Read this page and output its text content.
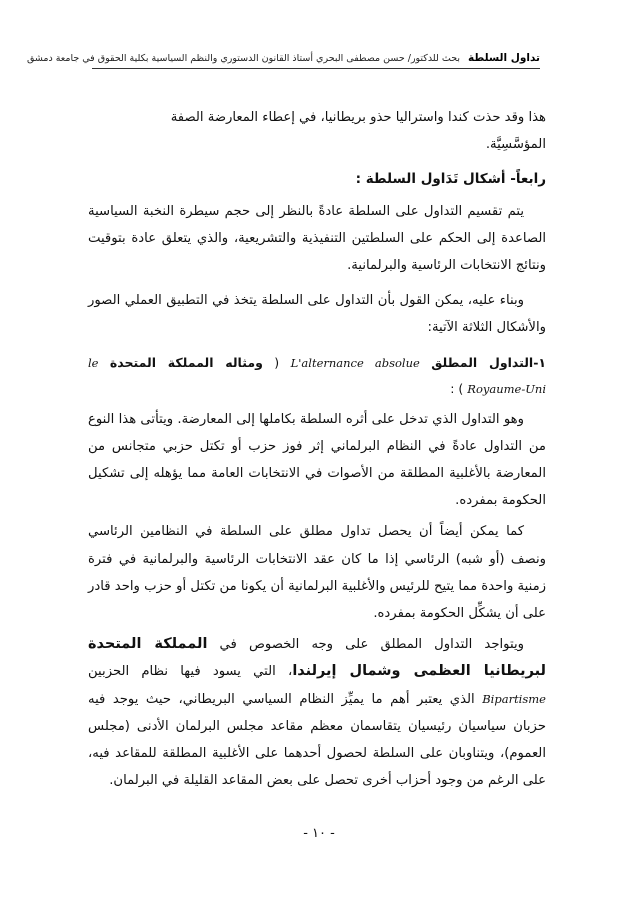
تداول السلطة
بحث للدكتور/ حسن مصطفى البحري أستاذ القانون الدستوري والنظم السياسية بكلية الحقوق في جامعة دمشق

هذا وقد حذت كندا واستراليا حذو بريطانيا، في إعطاء المعارضة الصفة
المؤسَّسِيَّة.

رابعاً- أشكال تَدَاول السلطة :

يتم تقسيم التداول على السلطة عادةً بالنظر إلى حجم سيطرة النخبة السياسية الصاعدة إلى الحكم على السلطتين التنفيذية والتشريعية، والذي يتعلق عادة بتوقيت ونتائج الانتخابات الرئاسية والبرلمانية.

وبناء عليه، يمكن القول بأن التداول على السلطة يتخذ في التطبيق العملي الصور والأشكال الثلاثة الآتية:

١-التداول المطلق L'alternance absolue ( ومثاله المملكة المتحدة le Royaume-Uni ) :

وهو التداول الذي تدخل على أثره السلطة بكاملها إلى المعارضة. ويتأتى هذا النوع من التداول عادةً في النظام البرلماني إثر فوز حزب أو تكتل حزبي متجانس من المعارضة بالأغلبية المطلقة من الأصوات في الانتخابات العامة مما يؤهله إلى تشكيل الحكومة بمفرده.

كما يمكن أيضاً أن يحصل تداول مطلق على السلطة في النظامين الرئاسي ونصف (أو شبه) الرئاسي إذا ما كان عقد الانتخابات الرئاسية والبرلمانية في فترة زمنية واحدة مما يتيح للرئيس والأغلبية البرلمانية أن يكونا من تكتل أو حزب واحد قادر على أن يشكِّل الحكومة بمفرده.

ويتواجد التداول المطلق على وجه الخصوص في المملكة المتحدة لبريطانيا العظمى وشمال إيرلندا، التي يسود فيها نظام الحزبين Bipartisme الذي يعتبر أهم ما يميِّز النظام السياسي البريطاني، حيث يوجد فيه حزبان سياسيان رئيسيان يتقاسمان معظم مقاعد مجلس البرلمان الأدنى (مجلس العموم)، ويتناوبان على السلطة لحصول أحدهما على الأغلبية المطلقة للمقاعد فيه، على الرغم من وجود أحزاب أخرى تحصل على بعض المقاعد القليلة في البرلمان.

- ١٠ -
